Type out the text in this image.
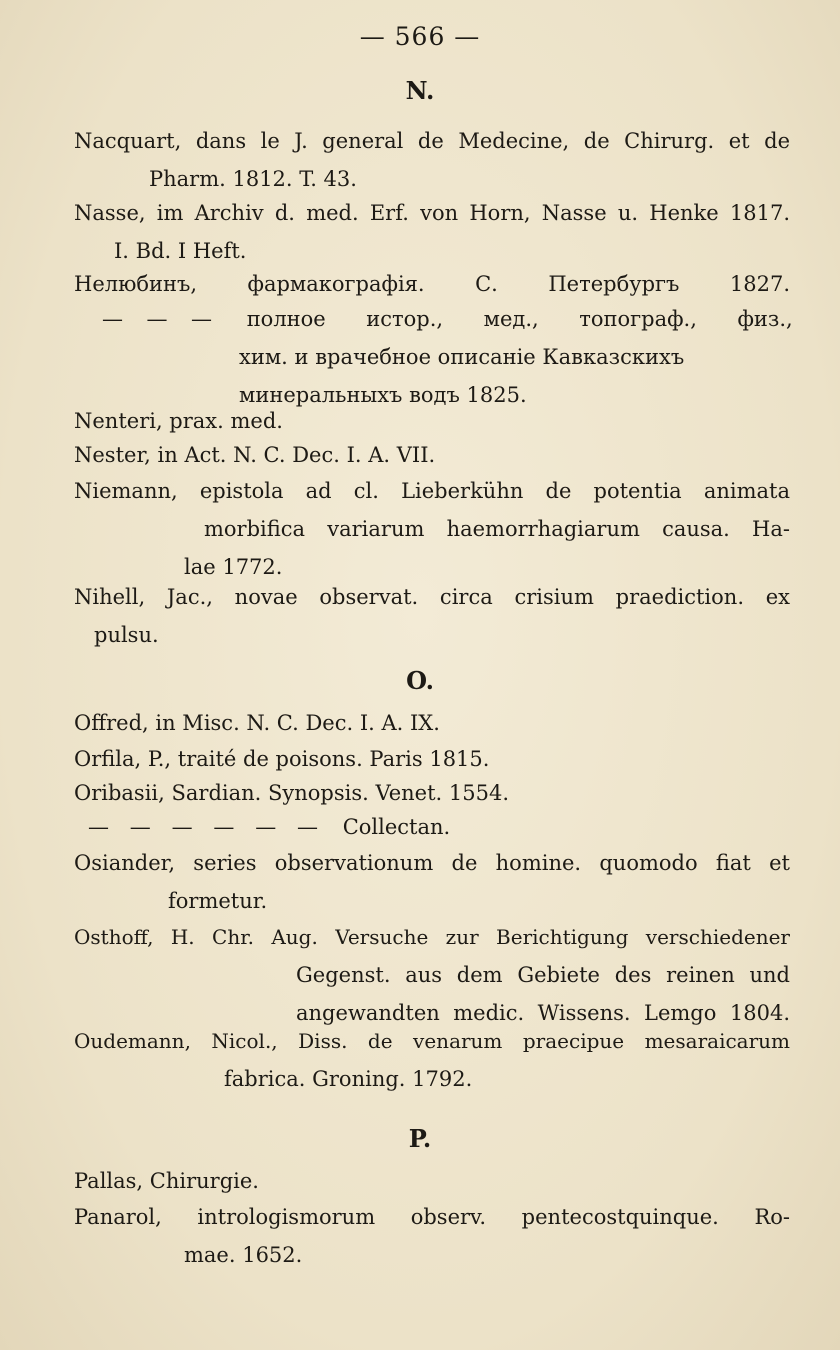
— 566 —
N.
Nacquart, dans le J. general de Medecine, de Chirurg. et de
Pharm. 1812. T. 43.
Nasse, im Archiv d. med. Erf. von Horn, Nasse u. Henke 1817.
I. Bd. I Heft.
Нелюбинъ, фармакографія. С. Петербургъ 1827.
— — — полное истор., мед., топограф., физ.,
хим. и врачебное описаніе Кавказскихъ
минеральныхъ водъ 1825.
Nenteri, prax. med.
Nester, in Act. N. C. Dec. I. A. VII.
Niemann, epistola ad cl. Lieberkühn de potentia animata
morbifica variarum haemorrhagiarum causa. Ha-
lae 1772.
Nihell, Jac., novae observat. circa crisium praediction. ex
pulsu.
O.
Offred, in Misc. N. C. Dec. I. A. IX.
Orfila, P., traité de poisons. Paris 1815.
Oribasii, Sardian. Synopsis. Venet. 1554.
— — — — — — Collectan.
Osiander, series observationum de homine. quomodo fiat et
formetur.
Osthoff, H. Chr. Aug. Versuche zur Berichtigung verschiedener
Gegenst. aus dem Gebiete des reinen und
angewandten medic. Wissens. Lemgo 1804.
Oudemann, Nicol., Diss. de venarum praecipue mesaraicarum
fabrica. Groning. 1792.
P.
Pallas, Chirurgie.
Panarol, intrologismorum observ. pentecostquinque. Ro-
mae. 1652.
